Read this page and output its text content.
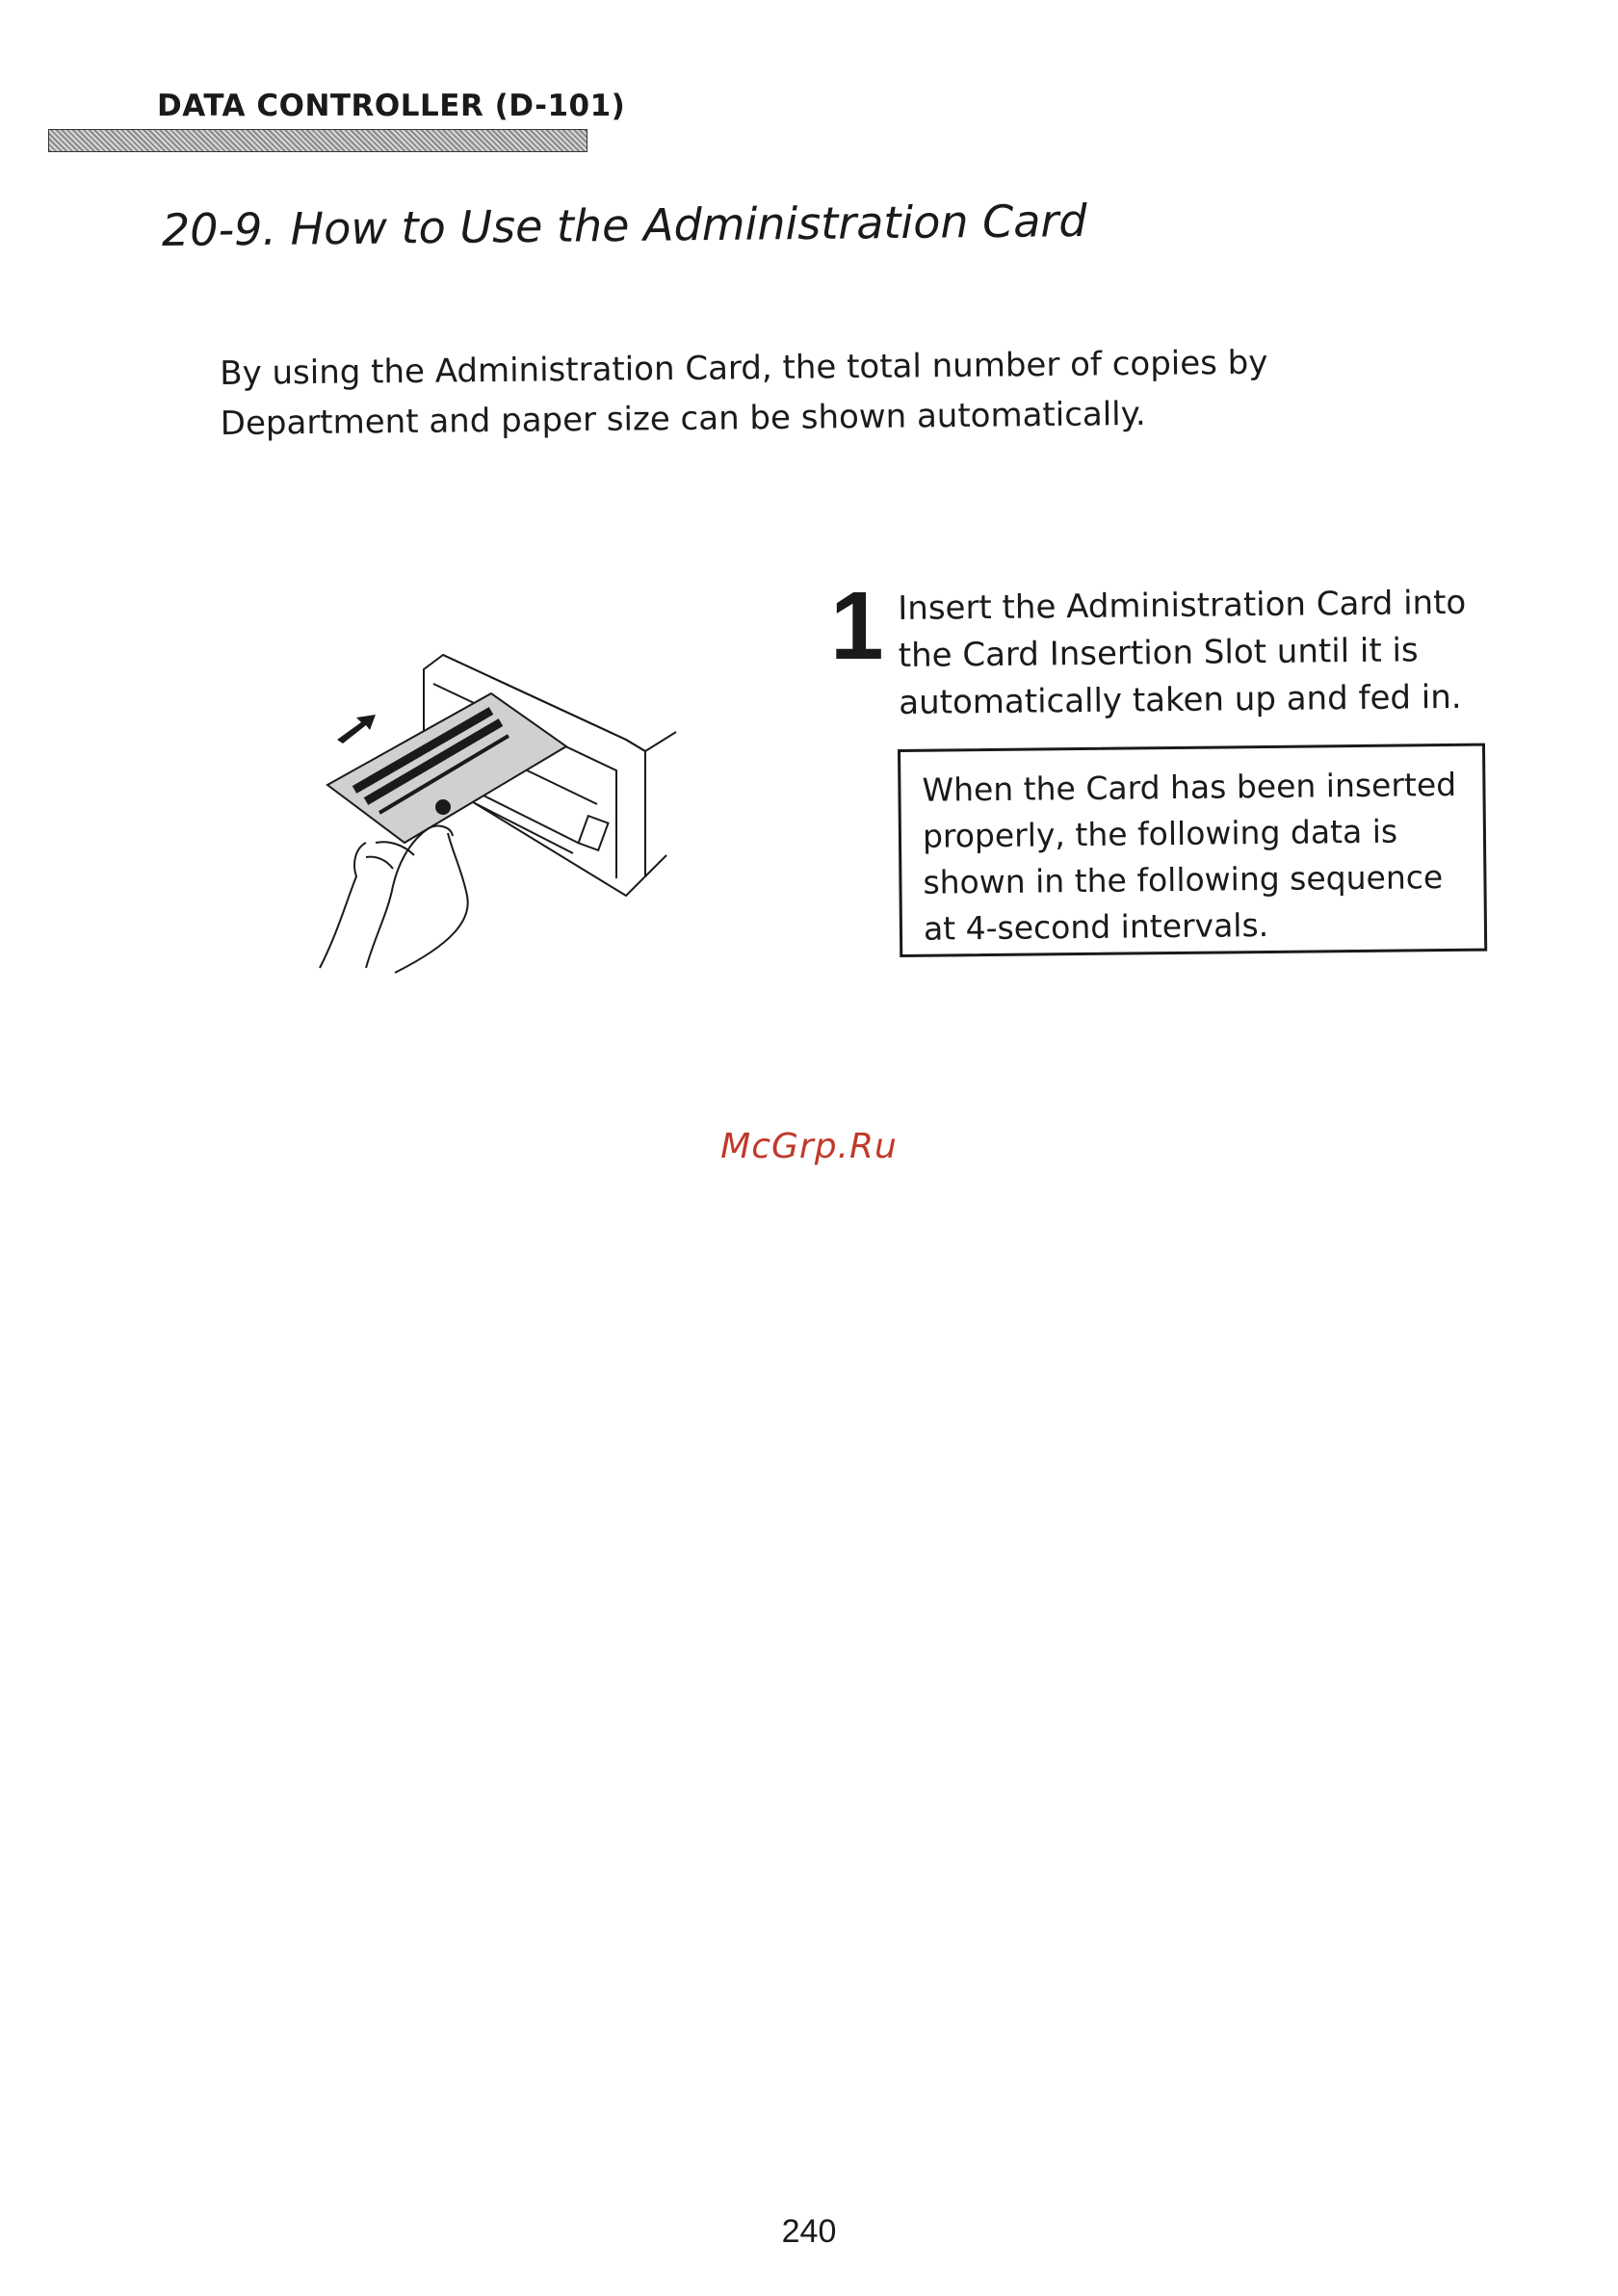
DATA CONTROLLER (D-101)
20-9. How to Use the Administration Card
By using the Administration Card, the total number of copies by Department and paper size can be shown automatically.
1 Insert the Administration Card into the Card Insertion Slot until it is automatically taken up and fed in.
When the Card has been inserted properly, the following data is shown in the following sequence at 4-second intervals.
McGrp.Ru
240
